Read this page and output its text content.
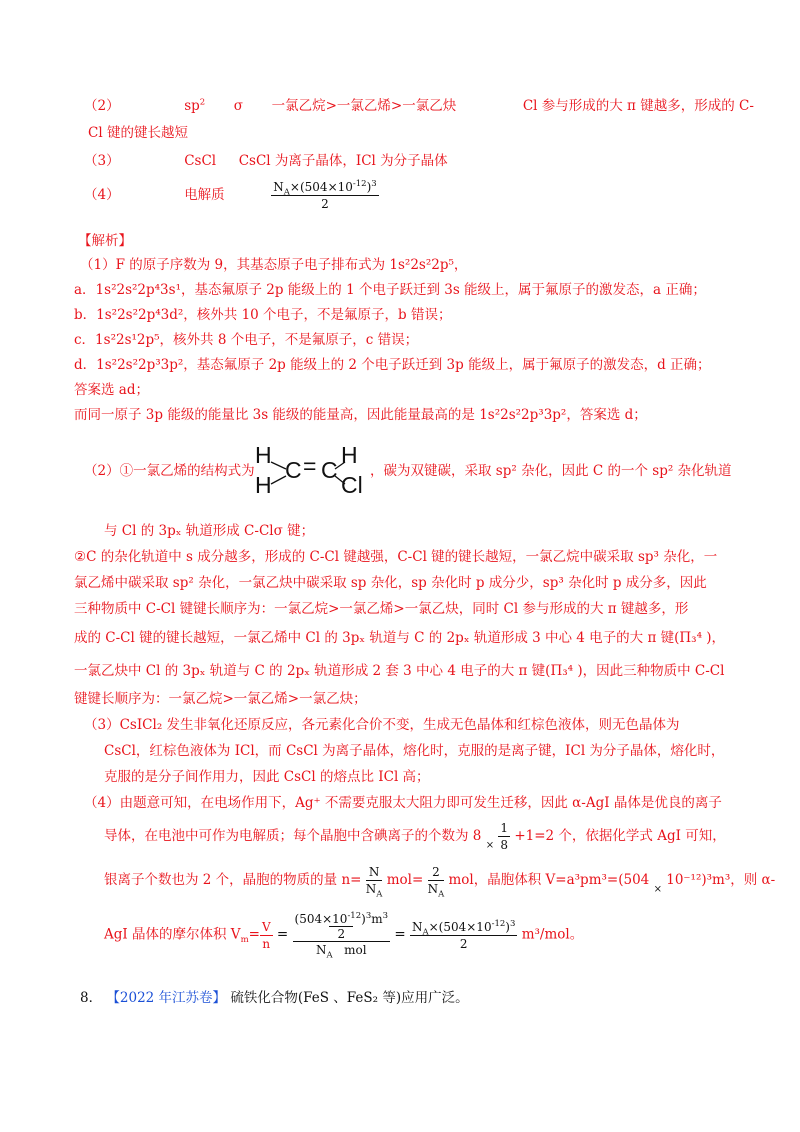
（2）	$sp^2$ σ 一氯乙烷>一氯乙烯>一氯乙炔	Cl 参与形成的大 π 键越多，形成的 C-
Cl 键的键长越短
（3）	CsCl CsCl 为离子晶体，ICl 为分子晶体
（4）	电解质	$\frac{N_A\times(504\times 10^{-12})^3}{2}$
【解析】
（1）F 的原子序数为 9，其基态原子电子排布式为 1s²2s²2p⁵，
a．1s²2s²2p⁴3s¹，基态氟原子 2p 能级上的 1 个电子跃迁到 3s 能级上，属于氟原子的激发态，a 正确；
b．1s²2s²2p⁴3d²，核外共 10 个电子，不是氟原子，b 错误；
c．1s²2s¹2p⁵，核外共 8 个电子，不是氟原子，c 错误；
d．1s²2s²2p³3p²，基态氟原子 2p 能级上的 2 个电子跃迁到 3p 能级上，属于氟原子的激发态，d 正确；
答案选 ad；
而同一原子 3p 能级的能量比 3s 能级的能量高，因此能量最高的是 1s²2s²2p³3p²，答案选 d；
（2）①一氯乙烯的结构式为
H
H
C = C
H
Cl
，碳为双键碳，采取 sp² 杂化，因此 C 的一个 sp² 杂化轨道
与 Cl 的 3pₓ 轨道形成 C-Clσ 键；
②C 的杂化轨道中 s 成分越多，形成的 C-Cl 键越强，C-Cl 键的键长越短，一氯乙烷中碳采取 sp³ 杂化，一
氯乙烯中碳采取 sp² 杂化，一氯乙炔中碳采取 sp 杂化，sp 杂化时 p 成分少，sp³ 杂化时 p 成分多，因此
三种物质中 C-Cl 键键长顺序为：一氯乙烷>一氯乙烯>一氯乙炔，同时 Cl 参与形成的大 π 键越多，形
成的 C-Cl 键的键长越短，一氯乙烯中 Cl 的 3pₓ 轨道与 C 的 2pₓ 轨道形成 3 中心 4 电子的大 π 键(Π₃⁴ )，
一氯乙炔中 Cl 的 3pₓ 轨道与 C 的 2pₓ 轨道形成 2 套 3 中心 4 电子的大 π 键(Π₃⁴ )，因此三种物质中 C-Cl
键键长顺序为：一氯乙烷>一氯乙烯>一氯乙炔；
（3）CsICl₂ 发生非氧化还原反应，各元素化合价不变，生成无色晶体和红棕色液体，则无色晶体为
CsCl，红棕色液体为 ICl，而 CsCl 为离子晶体，熔化时，克服的是离子键，ICl 为分子晶体，熔化时，
克服的是分子间作用力，因此 CsCl 的熔点比 ICl 高；
（4）由题意可知，在电场作用下，Ag⁺ 不需要克服太大阻力即可发生迁移，因此 α-AgI 晶体是优良的离子
导体，在电池中可作为电解质；每个晶胞中含碘离子的个数为 8 $_\times \frac{1}{8} +1=2$ 个，依据化学式 AgI 可知，
银离子个数也为 2 个，晶胞的物质的量 $n= \frac{N}{N_A} mol= \frac{2}{N_A}$ mol，晶胞体积 V=a³pm³=(504 $_\times$ 10⁻¹²)³m³，则 α-
AgI 晶体的摩尔体积 $V_m= \frac{V}{n}$ =
$(504\times 10^{-12})^3m^3$
2
$N_A$   mol
= $\frac{N_A\times(504\times 10^{-12})^3}{2} m^3/mol$。
8． 【2022 年江苏卷】 硫铁化合物(FeS 、FeS₂ 等)应用广泛。
